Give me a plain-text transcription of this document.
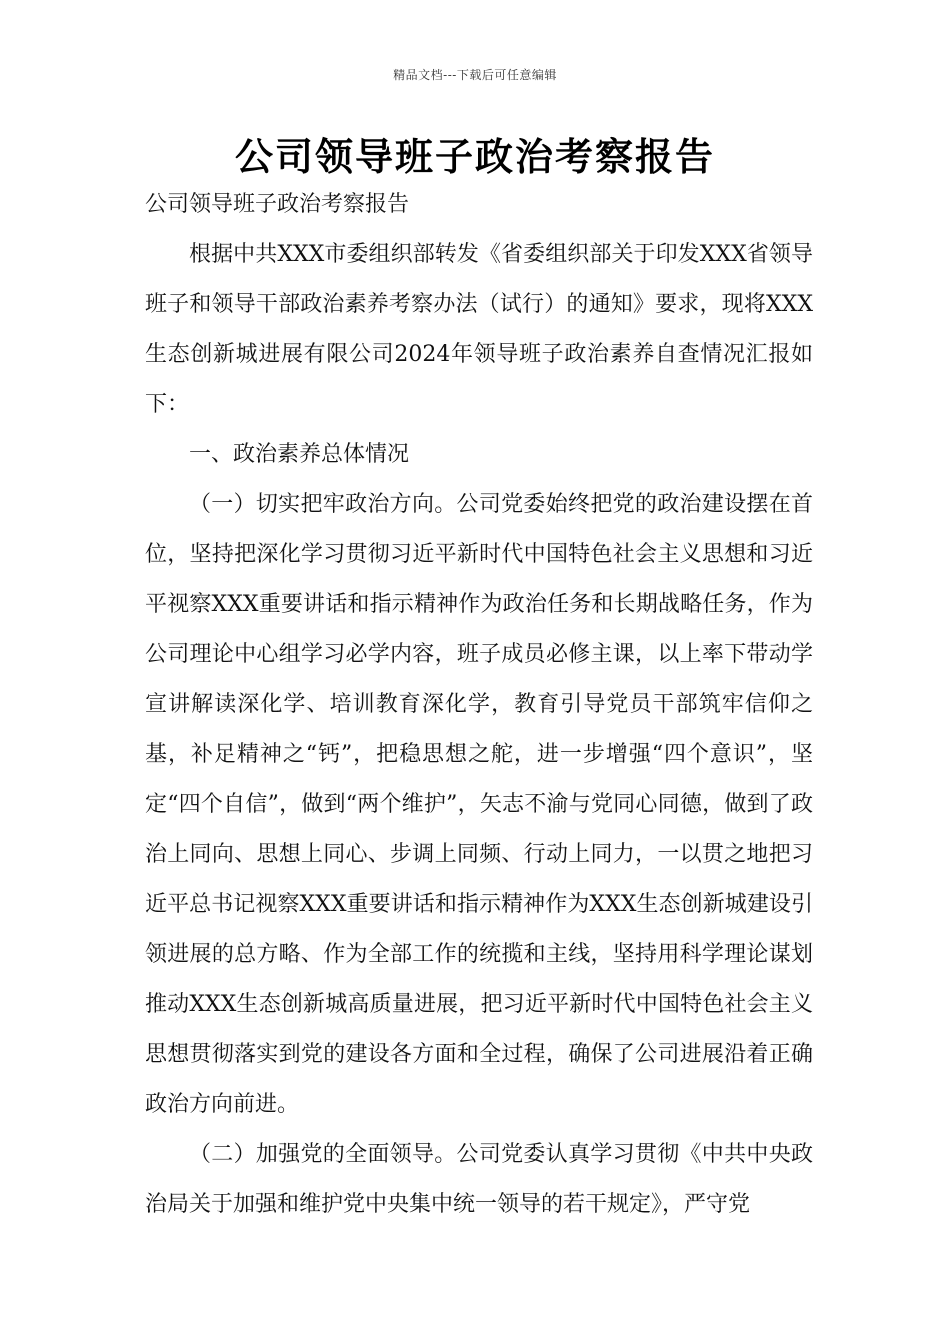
精品文档---下载后可任意编辑
公司领导班子政治考察报告

公司领导班子政治考察报告

根据中共XXX市委组织部转发《省委组织部关于印发XXX省领导班子和领导干部政治素养考察办法（试行）的通知》要求，现将XXX生态创新城进展有限公司2024年领导班子政治素养自查情况汇报如下：

一、政治素养总体情况

（一）切实把牢政治方向。公司党委始终把党的政治建设摆在首位，坚持把深化学习贯彻习近平新时代中国特色社会主义思想和习近平视察XXX重要讲话和指示精神作为政治任务和长期战略任务，作为公司理论中心组学习必学内容，班子成员必修主课，以上率下带动学宣讲解读深化学、培训教育深化学，教育引导党员干部筑牢信仰之基，补足精神之“钙”，把稳思想之舵，进一步增强“四个意识”，坚定“四个自信”，做到“两个维护”，矢志不渝与党同心同德，做到了政治上同向、思想上同心、步调上同频、行动上同力，一以贯之地把习近平总书记视察XXX重要讲话和指示精神作为XXX生态创新城建设引领进展的总方略、作为全部工作的统揽和主线，坚持用科学理论谋划推动XXX生态创新城高质量进展，把习近平新时代中国特色社会主义思想贯彻落实到党的建设各方面和全过程，确保了公司进展沿着正确政治方向前进。

（二）加强党的全面领导。公司党委认真学习贯彻《中共中央政治局关于加强和维护党中央集中统一领导的若干规定》，严守党
